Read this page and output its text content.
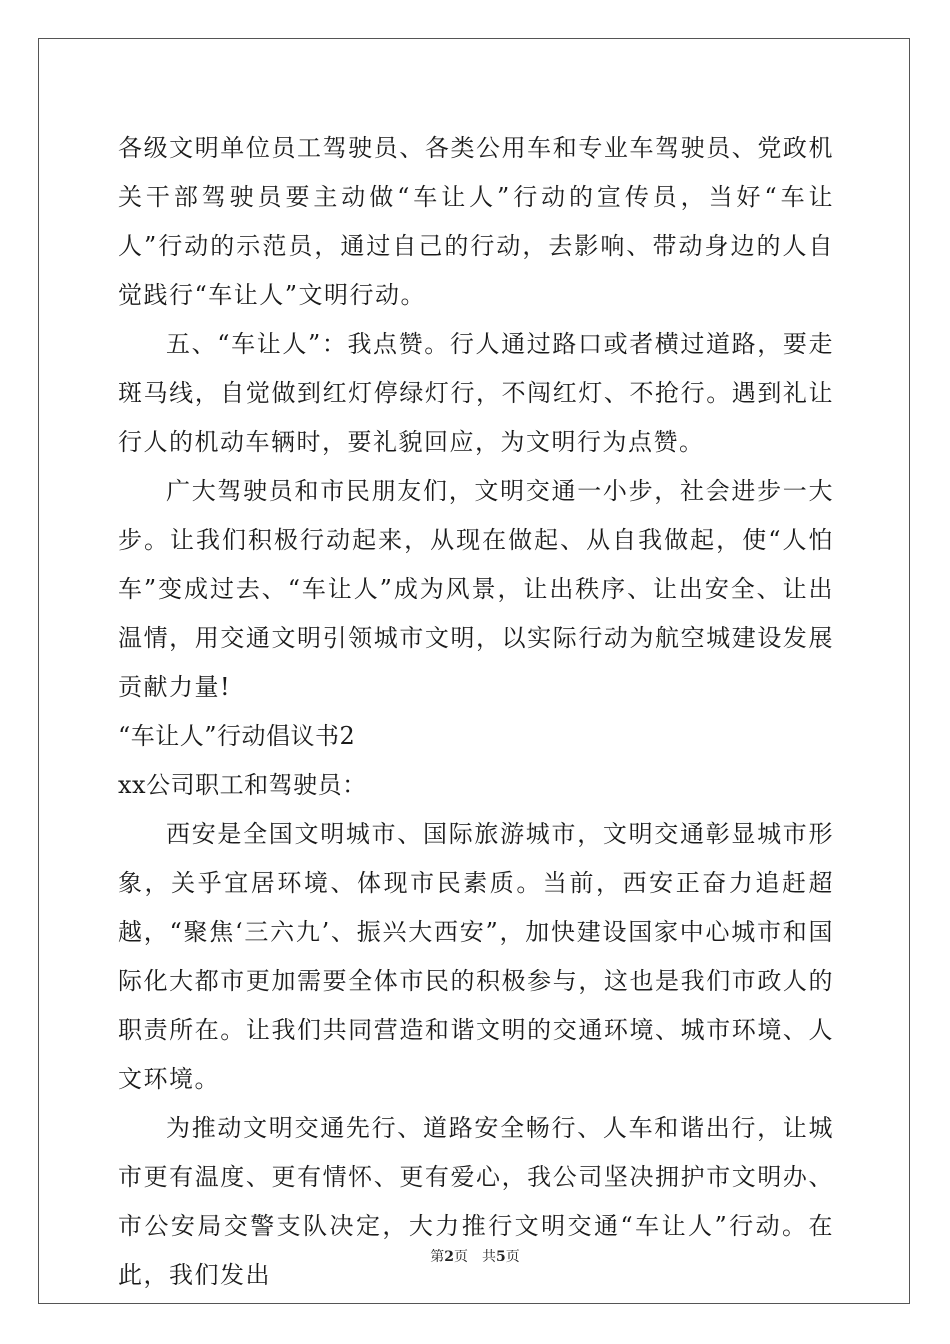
各级文明单位员工驾驶员、各类公用车和专业车驾驶员、党政机关干部驾驶员要主动做“车让人”行动的宣传员，当好“车让人”行动的示范员，通过自己的行动，去影响、带动身边的人自觉践行“车让人”文明行动。

五、“车让人”：我点赞。行人通过路口或者横过道路，要走斑马线，自觉做到红灯停绿灯行，不闯红灯、不抢行。遇到礼让行人的机动车辆时，要礼貌回应，为文明行为点赞。

广大驾驶员和市民朋友们，文明交通一小步，社会进步一大步。让我们积极行动起来，从现在做起、从自我做起，使“人怕车”变成过去、“车让人”成为风景，让出秩序、让出安全、让出温情，用交通文明引领城市文明，以实际行动为航空城建设发展贡献力量!

“车让人”行动倡议书2

xx公司职工和驾驶员：

西安是全国文明城市、国际旅游城市，文明交通彰显城市形象，关乎宜居环境、体现市民素质。当前，西安正奋力追赶超越，“聚焦‘三六九’、振兴大西安”，加快建设国家中心城市和国际化大都市更加需要全体市民的积极参与，这也是我们市政人的职责所在。让我们共同营造和谐文明的交通环境、城市环境、人文环境。

为推动文明交通先行、道路安全畅行、人车和谐出行，让城市更有温度、更有情怀、更有爱心，我公司坚决拥护市文明办、市公安局交警支队决定，大力推行文明交通“车让人”行动。在此，我们发出

第2页 共5页
